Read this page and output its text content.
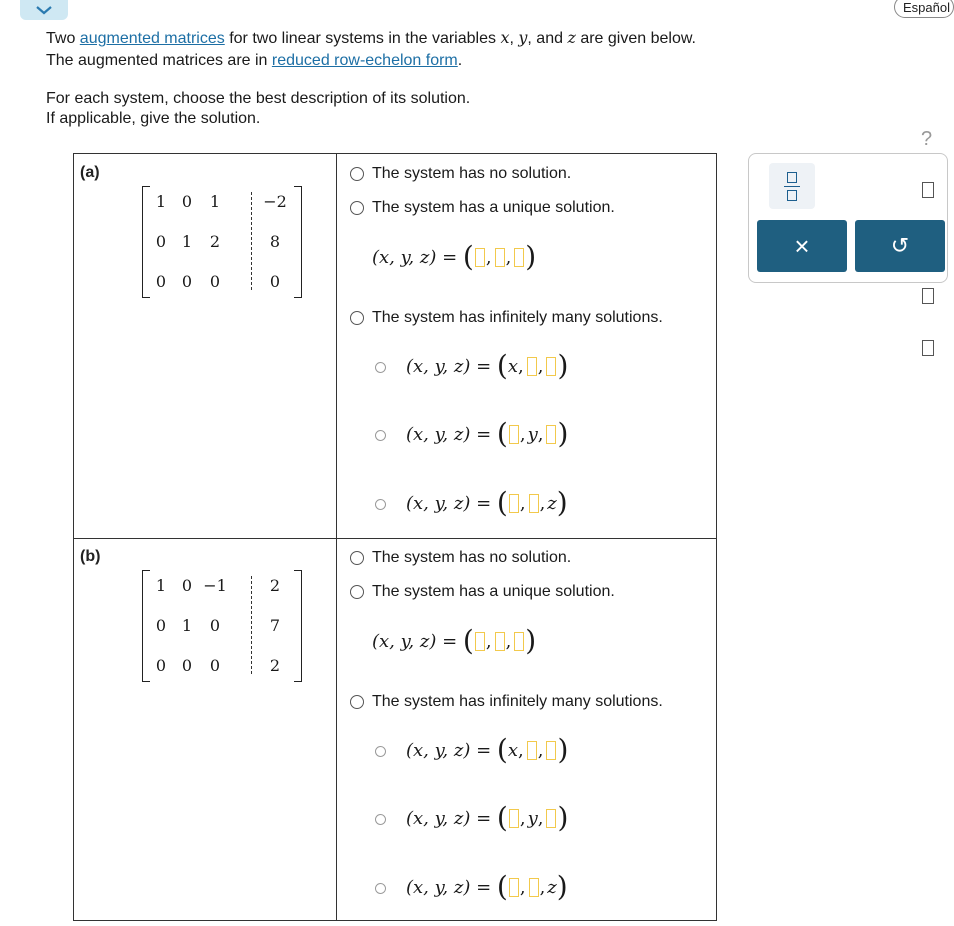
Español
Two augmented matrices for two linear systems in the variables x, y, and z are given below.
The augmented matrices are in reduced row-echelon form.
For each system, choose the best description of its solution.
If applicable, give the solution.
(a)
1 0	1	−2
0 1	2	8
0 0	0	0
The system has no solution.
The system has a unique solution.
(x, y, z) =
( , , )
The system has infinitely many solutions.
(x, y, z) =
( x , , )
(x, y, z) =
( , y , )
(x, y, z) =
( , , z )
(b)
1 0 −1	2
0 1	0	7
0 0	0	2
The system has no solution.
The system has a unique solution.
(x, y, z) =
( , , )
The system has infinitely many solutions.
(x, y, z) =
( x , , )
(x, y, z) =
( , y , )
(x, y, z) =
( , , z )
×	↺
?
